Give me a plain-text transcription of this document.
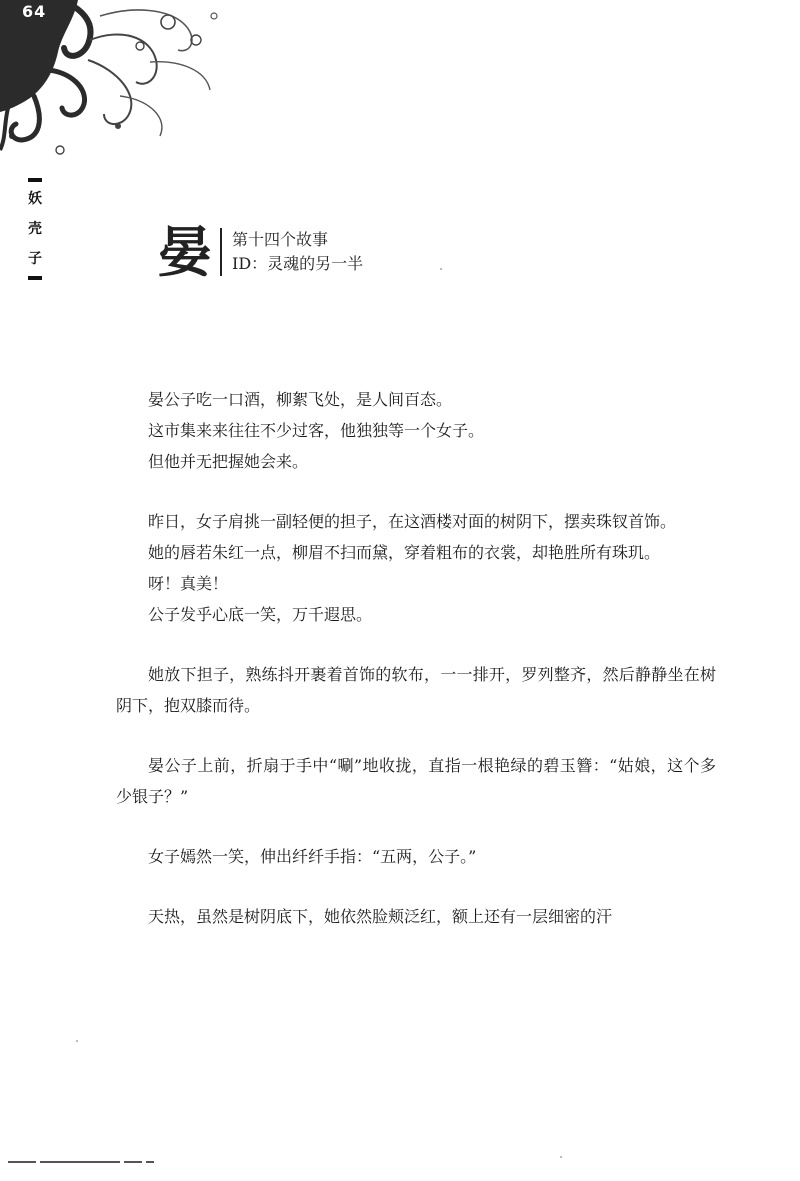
64
妖
壳
子 晏 第十四个故事
ID：灵魂的另一半

晏公子吃一口酒，柳絮飞处，是人间百态。

这市集来来往往不少过客，他独独等一个女子。

但他并无把握她会来。

昨日，女子肩挑一副轻便的担子，在这酒楼对面的树阴下，摆卖珠钗首饰。

她的唇若朱红一点，柳眉不扫而黛，穿着粗布的衣裳，却艳胜所有珠玑。

呀！真美！

公子发乎心底一笑，万千遐思。

她放下担子，熟练抖开裹着首饰的软布，一一排开，罗列整齐，然后静静坐在树阴下，抱双膝而待。

晏公子上前，折扇于手中“唰”地收拢，直指一根艳绿的碧玉簪：“姑娘，这个多少银子？”

女子嫣然一笑，伸出纤纤手指：“五两，公子。”

天热，虽然是树阴底下，她依然脸颊泛红，额上还有一层细密的汗
